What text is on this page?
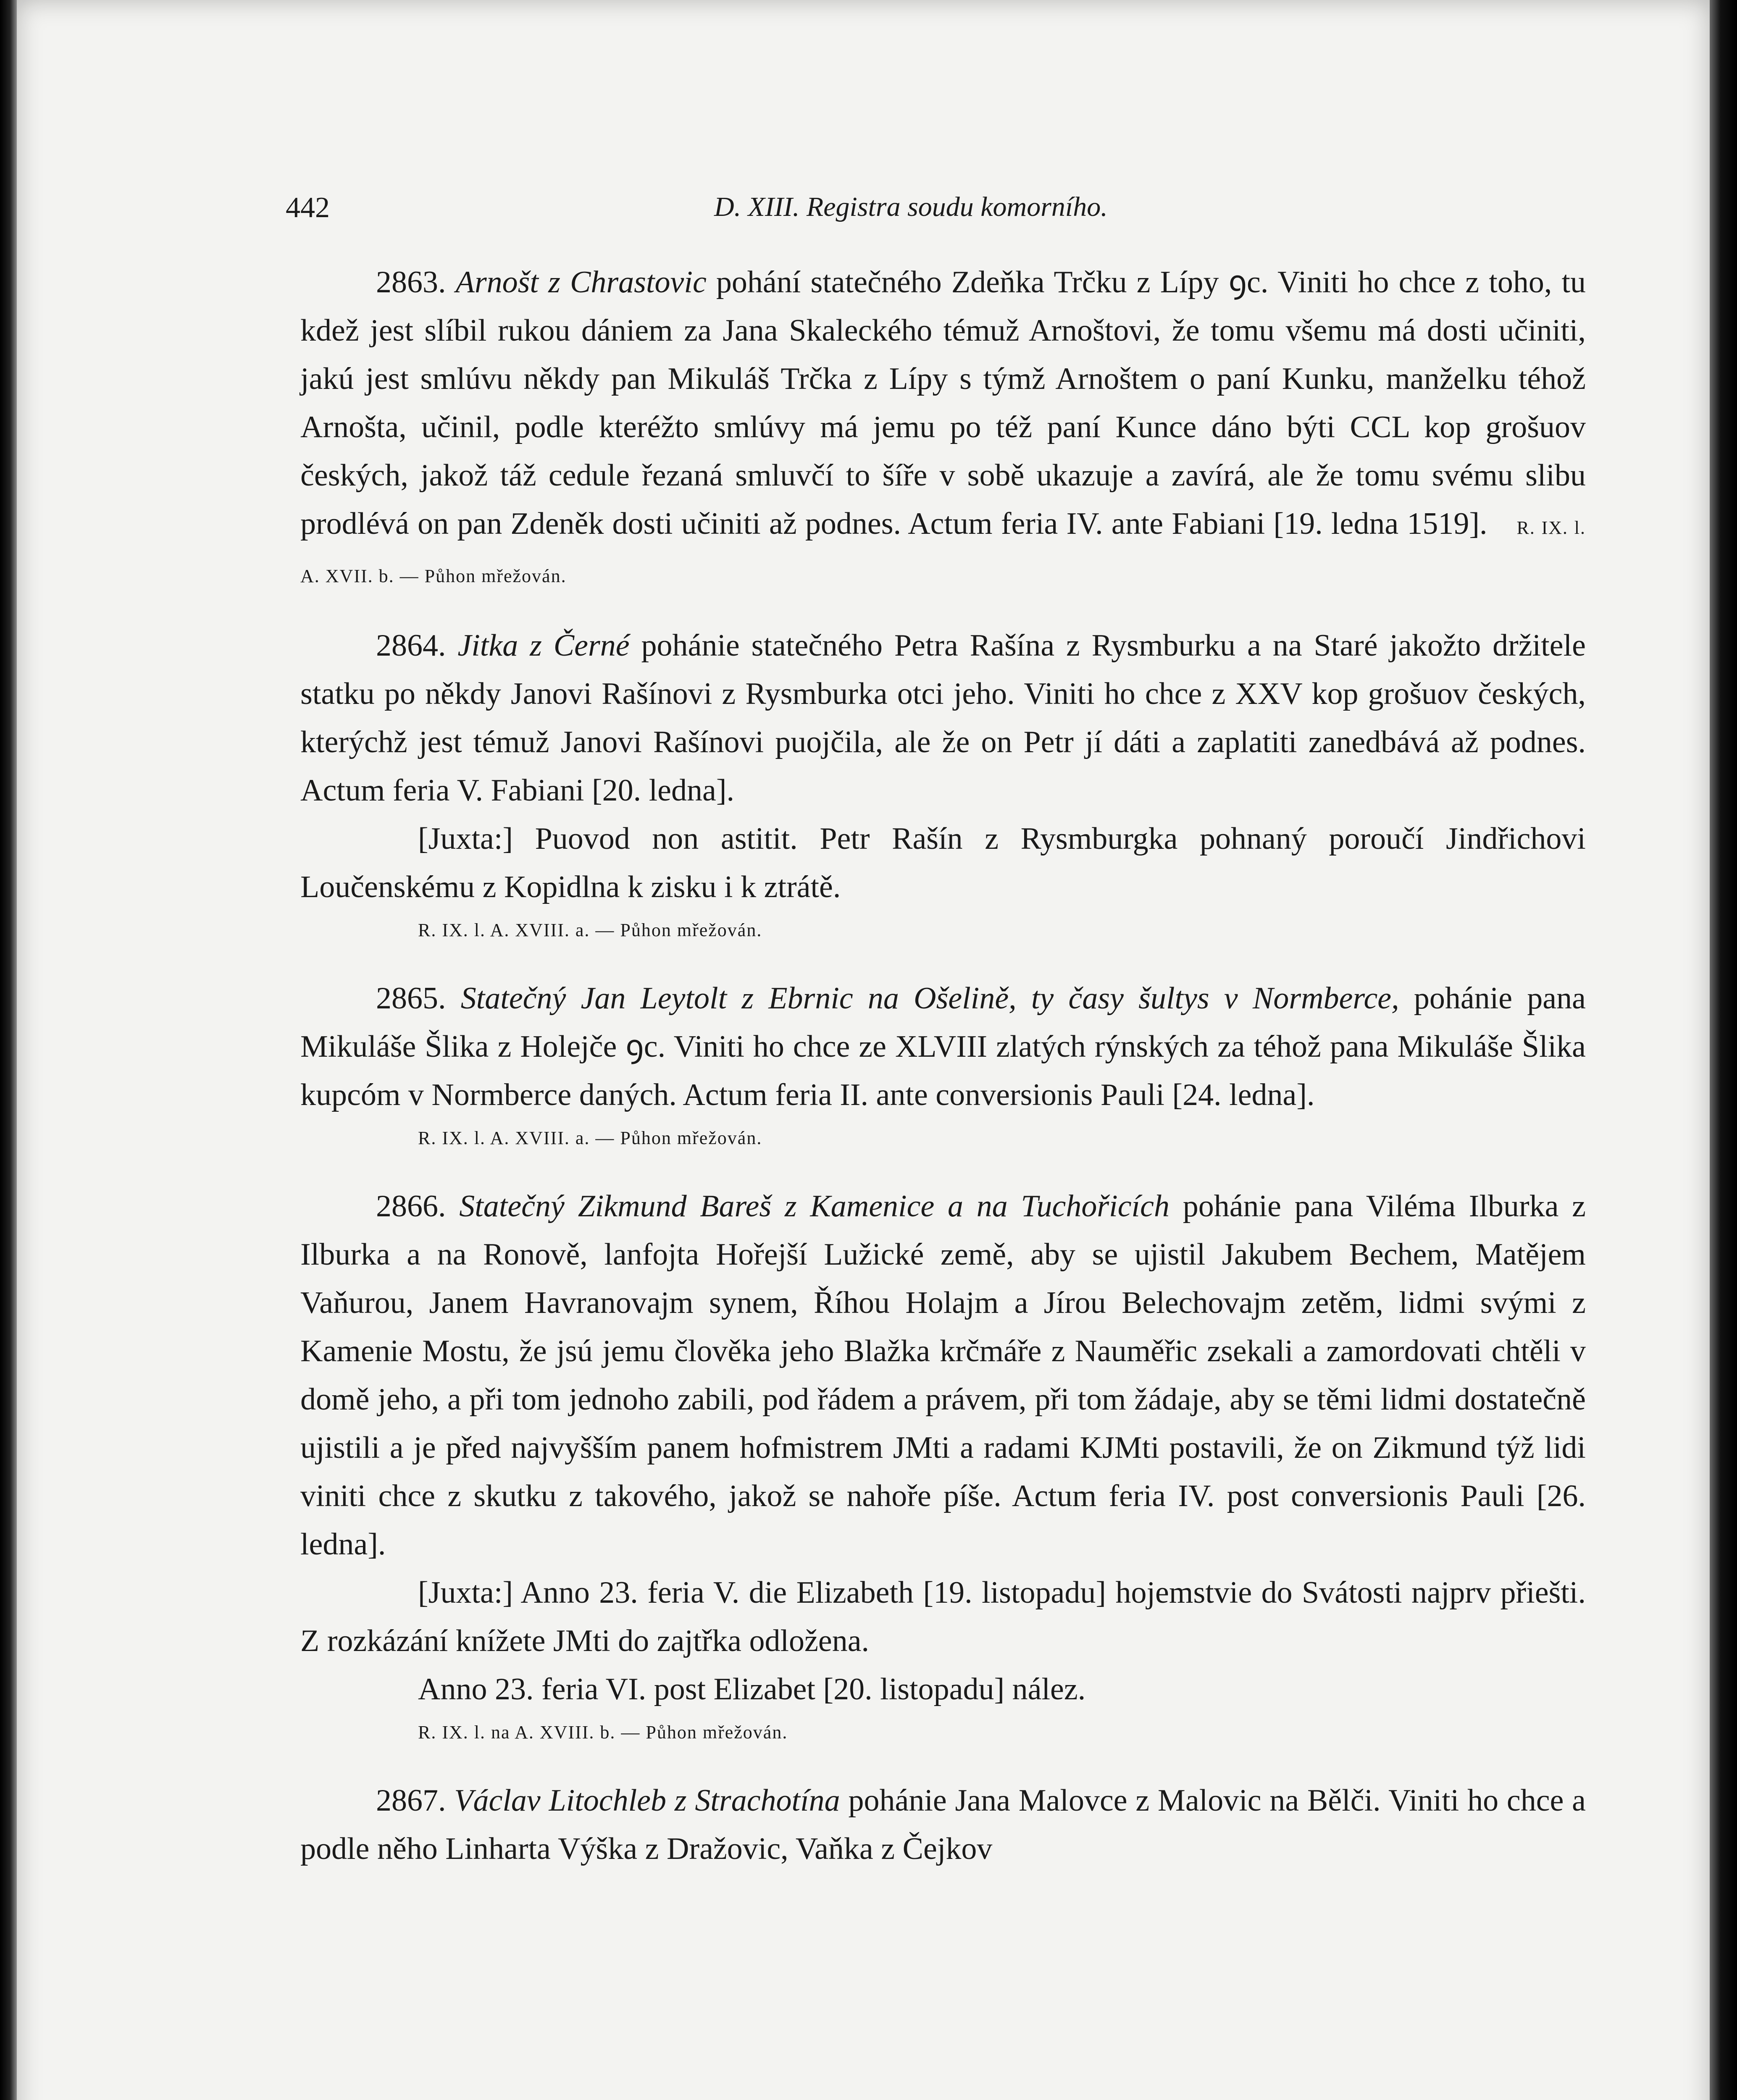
442	D. XIII. Registra soudu komorního.

2863. Arnošt z Chrastovic pohání statečného Zdeňka Trčku z Lípy ꝯc. Viniti ho chce z toho, tu kdež jest slíbil rukou dániem za Jana Skaleckého témuž Arnoštovi, že tomu všemu má dosti učiniti, jakú jest smlúvu někdy pan Mikuláš Trčka z Lípy s týmž Arnoštem o paní Kunku, manželku téhož Arnošta, učinil, podle kteréžto smlúvy má jemu po též paní Kunce dáno býti CCL kop grošuov českých, jakož táž cedule řezaná smluvčí to šíře v sobě ukazuje a zavírá, ale že tomu svému slibu prodlévá on pan Zdeněk dosti učiniti až podnes. Actum feria IV. ante Fabiani [19. ledna 1519]. R. IX. l. A. XVII. b. — Půhon mřežován.

2864. Jitka z Černé pohánie statečného Petra Rašína z Rysmburku a na Staré jakožto držitele statku po někdy Janovi Rašínovi z Rysmburka otci jeho. Viniti ho chce z XXV kop grošuov českých, kterýchž jest témuž Janovi Rašínovi puojčila, ale že on Petr jí dáti a zaplatiti zanedbává až podnes. Actum feria V. Fabiani [20. ledna].

[Juxta:] Puovod non astitit. Petr Rašín z Rysmburgka pohnaný poroučí Jindřichovi Loučenskému z Kopidlna k zisku i k ztrátě.

R. IX. l. A. XVIII. a. — Půhon mřežován.

2865. Statečný Jan Leytolt z Ebrnic na Ošelině, ty časy šultys v Normberce, pohánie pana Mikuláše Šlika z Holejče ꝯc. Viniti ho chce ze XLVIII zlatých rýnských za téhož pana Mikuláše Šlika kupcóm v Normberce daných. Actum feria II. ante conversionis Pauli [24. ledna].

R. IX. l. A. XVIII. a. — Půhon mřežován.

2866. Statečný Zikmund Bareš z Kamenice a na Tuchořicích pohánie pana Viléma Ilburka z Ilburka a na Ronově, lanfojta Hořejší Lužické země, aby se ujistil Jakubem Bechem, Matějem Vaňurou, Janem Havranovajm synem, Říhou Holajm a Jírou Belechovajm zetěm, lidmi svými z Kamenie Mostu, že jsú jemu člověka jeho Blažka krčmáře z Nauměřic zsekali a zamordovati chtěli v domě jeho, a při tom jednoho zabili, pod řádem a právem, při tom žádaje, aby se těmi lidmi dostatečně ujistili a je před najvyšším panem hofmistrem JMti a radami KJMti postavili, že on Zikmund týž lidi viniti chce z skutku z takového, jakož se nahoře píše. Actum feria IV. post conversionis Pauli [26. ledna].

[Juxta:] Anno 23. feria V. die Elizabeth [19. listopadu] hojemstvie do Svátosti najprv přiešti. Z rozkázání knížete JMti do zajtřka odložena.

Anno 23. feria VI. post Elizabet [20. listopadu] nález.

R. IX. l. na A. XVIII. b. — Půhon mřežován.

2867. Václav Litochleb z Strachotína pohánie Jana Malovce z Malovic na Bělči. Viniti ho chce a podle něho Linharta Výška z Dražovic, Vaňka z Čejkov
